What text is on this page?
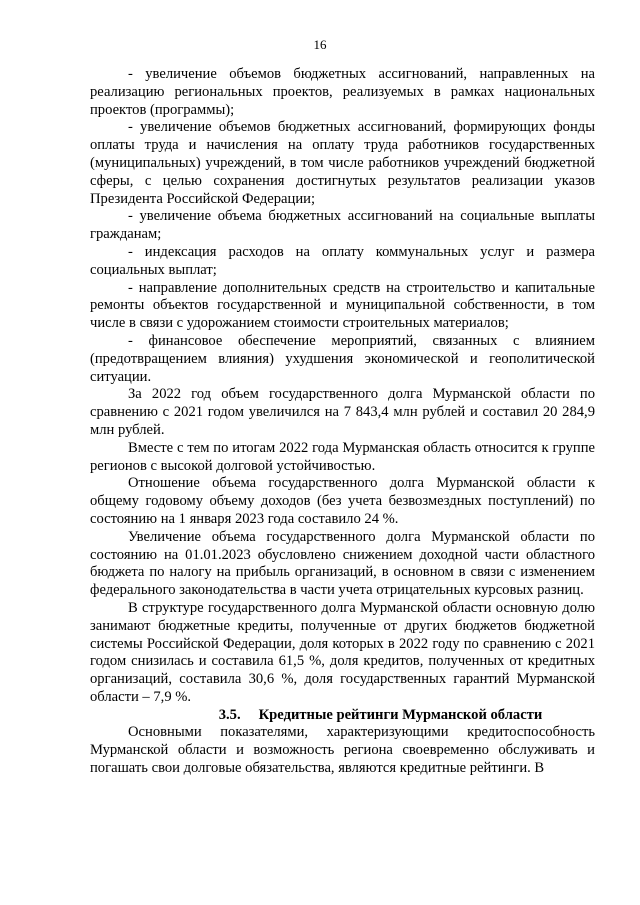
16

- увеличение объемов бюджетных ассигнований, направленных на реализацию региональных проектов, реализуемых в рамках национальных проектов (программы);

- увеличение объемов бюджетных ассигнований, формирующих фонды оплаты труда и начисления на оплату труда работников государственных (муниципальных) учреждений, в том числе работников учреждений бюджетной сферы, с целью сохранения достигнутых результатов реализации указов Президента Российской Федерации;

- увеличение объема бюджетных ассигнований на социальные выплаты гражданам;

- индексация расходов на оплату коммунальных услуг и размера социальных выплат;

- направление дополнительных средств на строительство и капитальные ремонты объектов государственной и муниципальной собственности, в том числе в связи с удорожанием стоимости строительных материалов;

- финансовое обеспечение мероприятий, связанных с влиянием (предотвращением влияния) ухудшения экономической и геополитической ситуации.

За 2022 год объем государственного долга Мурманской области по сравнению с 2021 годом увеличился на 7 843,4 млн рублей и составил 20 284,9 млн рублей.

Вместе с тем по итогам 2022 года Мурманская область относится к группе регионов с высокой долговой устойчивостью.

Отношение объема государственного долга Мурманской области к общему годовому объему доходов (без учета безвозмездных поступлений) по состоянию на 1 января 2023 года составило 24 %.

Увеличение объема государственного долга Мурманской области по состоянию на 01.01.2023 обусловлено снижением доходной части областного бюджета по налогу на прибыль организаций, в основном в связи с изменением федерального законодательства в части учета отрицательных курсовых разниц.

В структуре государственного долга Мурманской области основную долю занимают бюджетные кредиты, полученные от других бюджетов бюджетной системы Российской Федерации, доля которых в 2022 году по сравнению с 2021 годом снизилась и составила 61,5 %, доля кредитов, полученных от кредитных организаций, составила 30,6 %, доля государственных гарантий Мурманской области – 7,9 %.

3.5. Кредитные рейтинги Мурманской области

Основными показателями, характеризующими кредитоспособность Мурманской области и возможность региона своевременно обслуживать и погашать свои долговые обязательства, являются кредитные рейтинги. В
